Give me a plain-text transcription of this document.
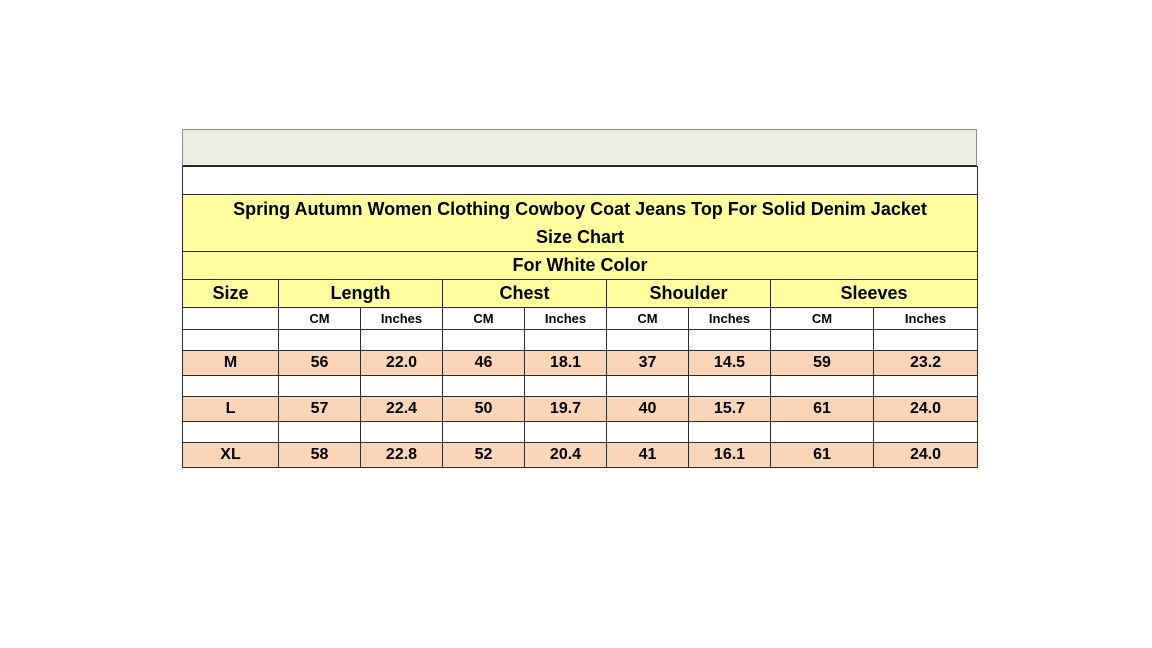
Spring Autumn Women Clothing Cowboy Coat Jeans Top For Solid Denim Jacket
Size Chart								

For White Color								
Size	Length		Chest		Shoulder		Sleeves	
	CM	Inches	CM	Inches	CM	Inches	CM	Inches

M	56	22.0	46	18.1	37	14.5	59	23.2

L	57	22.4	50	19.7	40	15.7	61	24.0

XL	58	22.8	52	20.4	41	16.1	61	24.0
